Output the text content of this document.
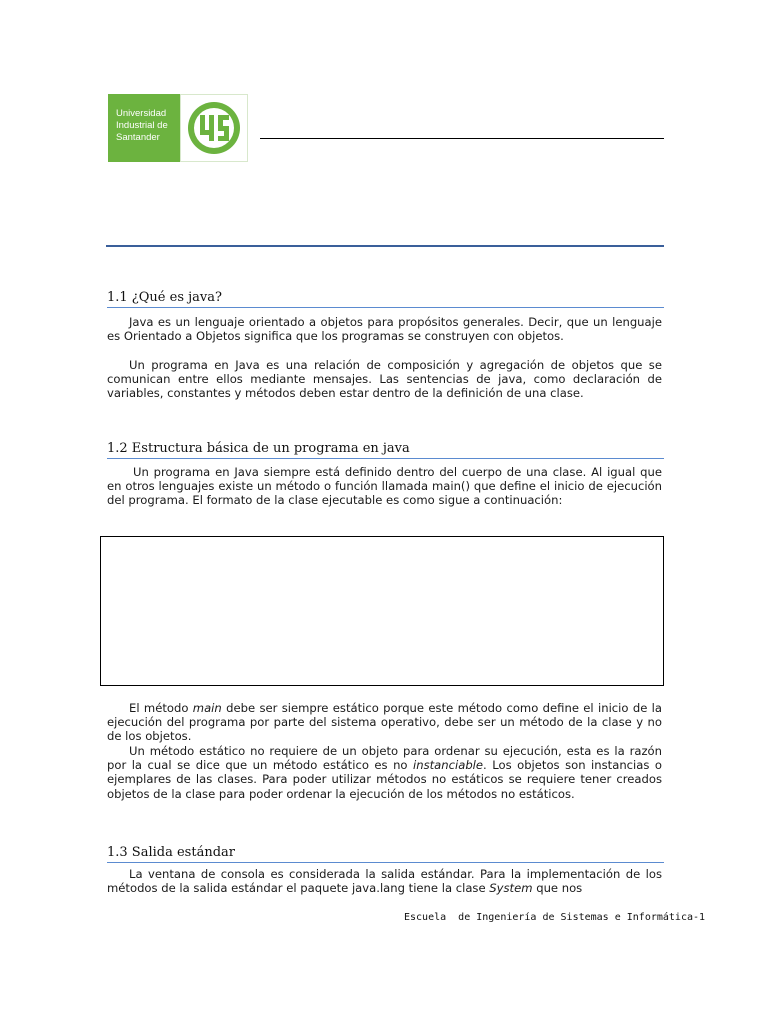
Universidad
Industrial de
Santander
1.1 ¿Qué es java?

Java es un lenguaje orientado a objetos para propósitos generales. Decir, que un lenguaje es Orientado a Objetos significa que los programas se construyen con objetos.

Un programa en Java es una relación de composición y agregación de objetos que se comunican entre ellos mediante mensajes. Las sentencias de java, como declaración de variables, constantes y métodos deben estar dentro de la definición de una clase.

1.2 Estructura básica de un programa en java

Un programa en Java siempre está definido dentro del cuerpo de una clase. Al igual que en otros lenguajes existe un método o función llamada main() que define el inicio de ejecución del programa. El formato de la clase ejecutable es como sigue a continuación:

El método main debe ser siempre estático porque este método como define el inicio de la ejecución del programa por parte del sistema operativo, debe ser un método de la clase y no de los objetos.

Un método estático no requiere de un objeto para ordenar su ejecución, esta es la razón por la cual se dice que un método estático es no instanciable. Los objetos son instancias o ejemplares de las clases. Para poder utilizar métodos no estáticos se requiere tener creados objetos de la clase para poder ordenar la ejecución de los métodos no estáticos.

1.3 Salida estándar

La ventana de consola es considerada la salida estándar. Para la implementación de los métodos de la salida estándar el paquete java.lang tiene la clase System que nos

Escuela  de Ingeniería de Sistemas e Informática-1
